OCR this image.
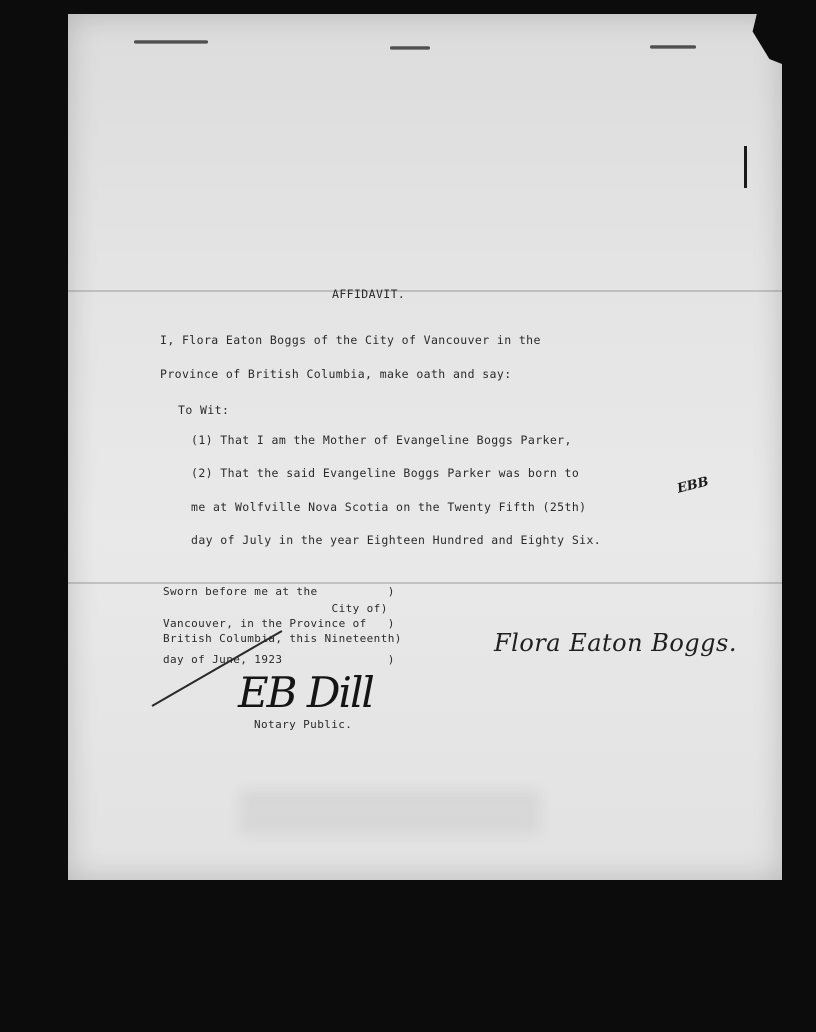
AFFIDAVIT.

I, Flora Eaton Boggs of the City of Vancouver in the

Province of British Columbia, make oath and say:

To Wit:

(1) That I am the Mother of Evangeline Boggs Parker,

(2) That the said Evangeline Boggs Parker was born to

me at Wolfville Nova Scotia on the Twenty Fifth (25th)

day of July in the year Eighteen Hundred and Eighty Six.

EBB

Sworn before me at the          )

City of)

Vancouver, in the Province of   )

British Columbia, this Nineteenth)

day of June, 1923               )

Flora Eaton Boggs.

EB Dill

Notary Public.
